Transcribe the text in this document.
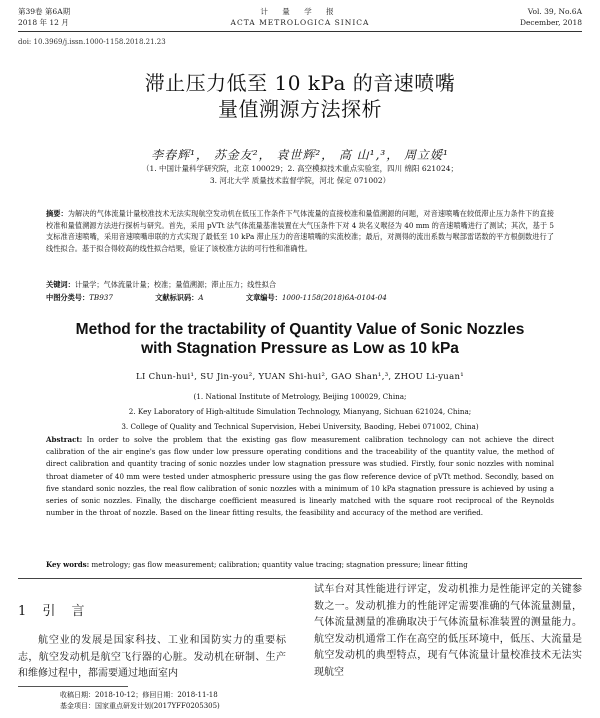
第39卷 第6A期
2018 年 12 月
计 量 学 报
ACTA METROLOGICA SINICA
Vol. 39, No.6A
December, 2018
doi: 10.3969/j.issn.1000-1158.2018.21.23
滞止压力低至 10 kPa 的音速喷嘴
量值溯源方法探析
李春辉¹， 苏金友²， 袁世辉²， 高 山¹,³， 周立媛¹
（1. 中国计量科学研究院，北京 100029；2. 高空模拟技术重点实验室，四川 绵阳 621024；
3. 河北大学 质量技术监督学院，河北 保定 071002）
摘要：为解决的气体流量计量校准技术无法实现航空发动机在低压工作条件下气体流量的直接校准和量值溯源的问题，对音速喷嘴在较低滞止压力条件下的直接校准和量值溯源方法进行探析与研究。首先，采用 pVTt 法气体流量基准装置在大气压条件下对 4 块名义喉径为 40 mm 的音速喷嘴进行了测试；其次，基于 5 支标准音速喷嘴，采用音速喷嘴串联的方式实现了最低至 10 kPa 滞止压力的音速喷嘴的实流校准；最后，对测得的流出系数与喉部雷诺数的平方根倒数进行了线性拟合。基于拟合得较高的线性拟合结果，验证了该校准方法的可行性和准确性。
关键词：计量学；气体流量计量；校准；量值溯源；滞止压力；线性拟合
中图分类号：TB937	文献标识码：A	文章编号：1000-1158(2018)6A-0104-04
Method for the tractability of Quantity Value of Sonic Nozzles
with Stagnation Pressure as Low as 10 kPa
LI Chun-hui¹, SU Jin-you², YUAN Shi-hui², GAO Shan¹,³, ZHOU Li-yuan¹
(1. National Institute of Metrology, Beijing 100029, China;
2. Key Laboratory of High-altitude Simulation Technology, Mianyang, Sichuan 621024, China;
3. College of Quality and Technical Supervision, Hebei University, Baoding, Hebei 071002, China)
Abstract: In order to solve the problem that the existing gas flow measurement calibration technology can not achieve the direct calibration of the air engine's gas flow under low pressure operating conditions and the traceability of the quantity value, the method of direct calibration and quantity tracing of sonic nozzles under low stagnation pressure was studied. Firstly, four sonic nozzles with nominal throat diameter of 40 mm were tested under atmospheric pressure using the gas flow reference device of pVTt method. Secondly, based on five standard sonic nozzles, the real flow calibration of sonic nozzles with a minimum of 10 kPa stagnation pressure is achieved by using a series of sonic nozzles. Finally, the discharge coefficient measured is linearly matched with the square root reciprocal of the Reynolds number in the throat of nozzle. Based on the linear fitting results, the feasibility and accuracy of the method are verified.
Key words: metrology; gas flow measurement; calibration; quantity value tracing; stagnation pressure; linear fitting
1 引 言
航空业的发展是国家科技、工业和国防实力的重要标志，航空发动机是航空飞行器的心脏。发动机在研制、生产和维修过程中，都需要通过地面室内
试车台对其性能进行评定，发动机推力是性能评定的关键参数之一。发动机推力的性能评定需要准确的气体流量测量，气体流量测量的准确取决于气体流量标准装置的测量能力。航空发动机通常工作在高空的低压环境中，低压、大流量是航空发动机的典型特点，现有气体流量计量校准技术无法实现航空
收稿日期：2018-10-12；修回日期：2018-11-18
基金项目：国家重点研发计划(2017YFF0205305)
